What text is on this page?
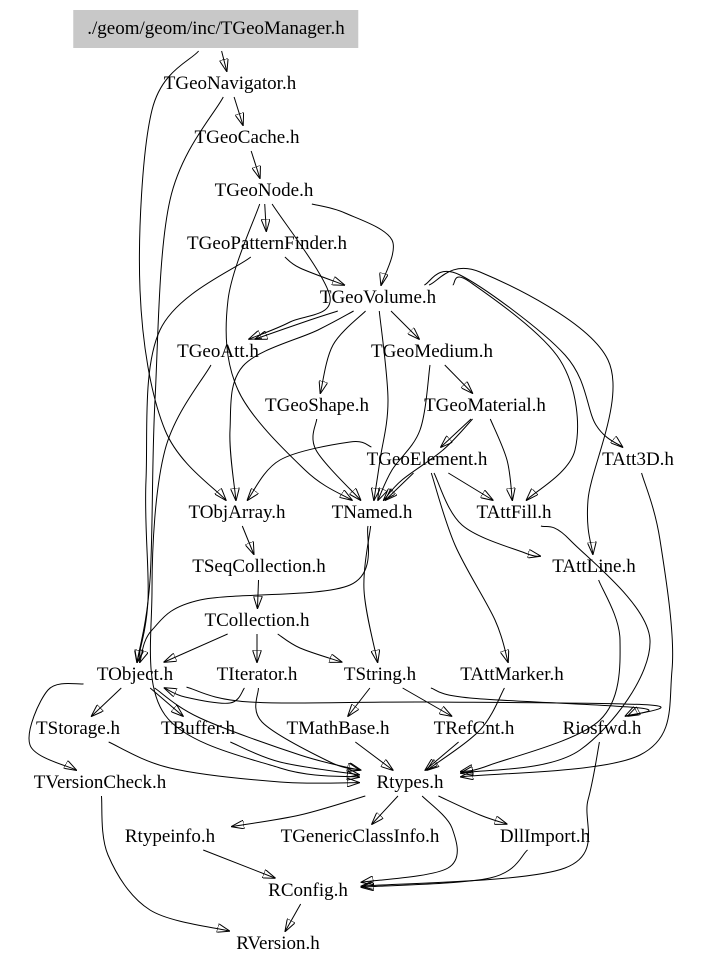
./geom/geom/inc/TGeoManager.h
TGeoNavigator.h
TGeoCache.h
TGeoNode.h
TGeoPatternFinder.h
TGeoVolume.h
TGeoAtt.h	TGeoMedium.h
TGeoShape.h	TGeoMaterial.h
TGeoElement.h	TAtt3D.h
TObjArray.h TNamed.h	TAttFill.h
TSeqCollection.h	TAttLine.h
TCollection.h
TObject.h TIterator.h TString.h TAttMarker.h
TStorage.h TBuffer.h	TMathBase.h TRefCnt.h	Riosfwd.h
TVersionCheck.h	Rtypes.h
Rtypeinfo.h	TGenericClassInfo.h	DllImport.h
RConfig.h
RVersion.h
